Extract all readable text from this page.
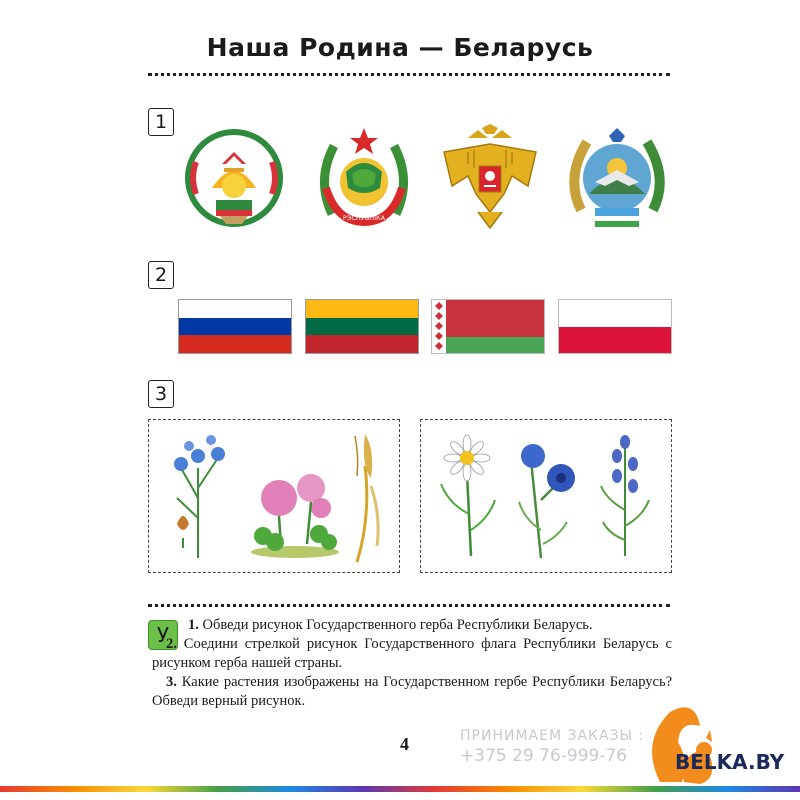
Наша Родина — Беларусь
1
РЭСПУБЛІКА
2
3
У	1. Обведи рисунок Государственного герба Республики Беларусь.

2. Соедини стрелкой рисунок Государственного флага Республики Беларусь с рисунком герба нашей страны.

3. Какие растения изображены на Государственном гербе Республики Беларусь? Обведи верный рисунок.

4	ПРИНИМАЕМ ЗАКАЗЫ :
+375 29 76-999-76	BELKA.BY
